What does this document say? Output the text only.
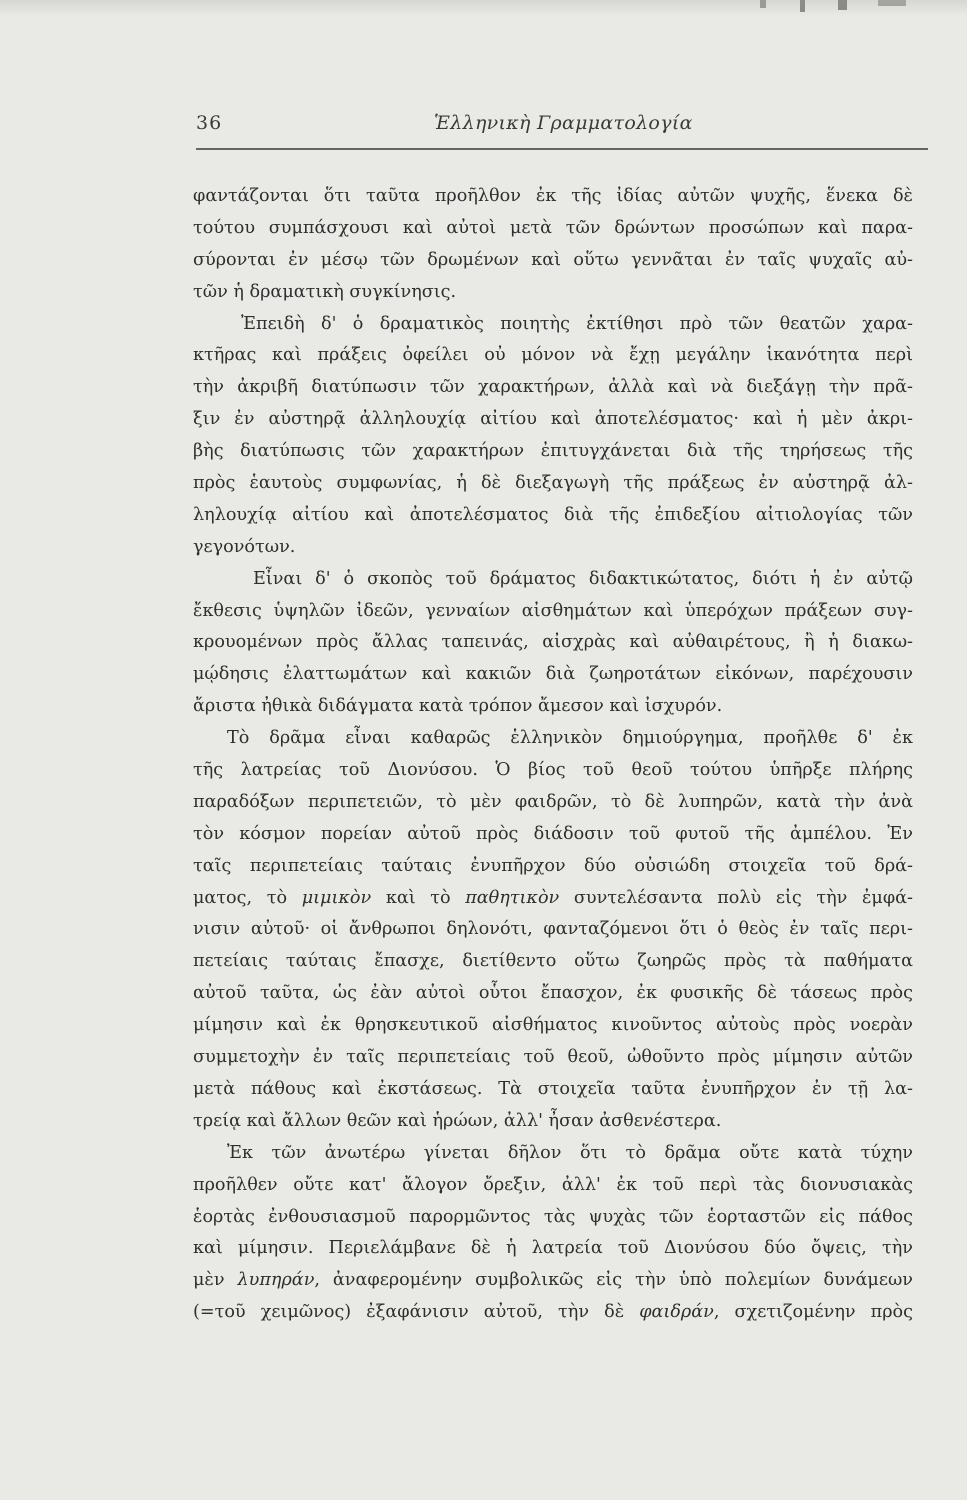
36	Ἑλληνικὴ Γραμματολογία
φαντάζονται ὅτι ταῦτα προῆλθον ἐκ τῆς ἰδίας αὐτῶν ψυχῆς, ἕνεκα δὲ
τούτου συμπάσχουσι καὶ αὐτοὶ μετὰ τῶν δρώντων προσώπων καὶ παρα-
σύρονται ἐν μέσῳ τῶν δρωμένων καὶ οὕτω γεννᾶται ἐν ταῖς ψυχαῖς αὐ-
τῶν ἡ δραματικὴ συγκίνησις.
Ἐπειδὴ δ' ὁ δραματικὸς ποιητὴς ἐκτίθησι πρὸ τῶν θεατῶν χαρα-
κτῆρας καὶ πράξεις ὀφείλει οὐ μόνον νὰ ἔχῃ μεγάλην ἱκανότητα περὶ
τὴν ἀκριβῆ διατύπωσιν τῶν χαρακτήρων, ἀλλὰ καὶ νὰ διεξάγῃ τὴν πρᾶ-
ξιν ἐν αὐστηρᾷ ἀλληλουχίᾳ αἰτίου καὶ ἀποτελέσματος· καὶ ἡ μὲν ἀκρι-
βὴς διατύπωσις τῶν χαρακτήρων ἐπιτυγχάνεται διὰ τῆς τηρήσεως τῆς
πρὸς ἑαυτοὺς συμφωνίας, ἡ δὲ διεξαγωγὴ τῆς πράξεως ἐν αὐστηρᾷ ἀλ-
ληλουχίᾳ αἰτίου καὶ ἀποτελέσματος διὰ τῆς ἐπιδεξίου αἰτιολογίας τῶν
γεγονότων.
Εἶναι δ' ὁ σκοπὸς τοῦ δράματος διδακτικώτατος, διότι ἡ ἐν αὐτῷ
ἔκθεσις ὑψηλῶν ἰδεῶν, γενναίων αἰσθημάτων καὶ ὑπερόχων πράξεων συγ-
κρουομένων πρὸς ἄλλας ταπεινάς, αἰσχρὰς καὶ αὐθαιρέτους, ἢ ἡ διακω-
μῴδησις ἐλαττωμάτων καὶ κακιῶν διὰ ζωηροτάτων εἰκόνων, παρέχουσιν
ἄριστα ἠθικὰ διδάγματα κατὰ τρόπον ἄμεσον καὶ ἰσχυρόν.
Τὸ δρᾶμα εἶναι καθαρῶς ἑλληνικὸν δημιούργημα, προῆλθε δ' ἐκ
τῆς λατρείας τοῦ Διονύσου. Ὁ βίος τοῦ θεοῦ τούτου ὑπῆρξε πλήρης
παραδόξων περιπετειῶν, τὸ μὲν φαιδρῶν, τὸ δὲ λυπηρῶν, κατὰ τὴν ἀνὰ
τὸν κόσμον πορείαν αὐτοῦ πρὸς διάδοσιν τοῦ φυτοῦ τῆς ἀμπέλου. Ἐν
ταῖς περιπετείαις ταύταις ἐνυπῆρχον δύο οὐσιώδη στοιχεῖα τοῦ δρά-
ματος, τὸ μιμικὸν καὶ τὸ παθητικὸν συντελέσαντα πολὺ εἰς τὴν ἐμφά-
νισιν αὐτοῦ· οἱ ἄνθρωποι δηλονότι, φανταζόμενοι ὅτι ὁ θεὸς ἐν ταῖς περι-
πετείαις ταύταις ἔπασχε, διετίθεντο οὕτω ζωηρῶς πρὸς τὰ παθήματα
αὐτοῦ ταῦτα, ὡς ἐὰν αὐτοὶ οὗτοι ἔπασχον, ἐκ φυσικῆς δὲ τάσεως πρὸς
μίμησιν καὶ ἐκ θρησκευτικοῦ αἰσθήματος κινοῦντος αὐτοὺς πρὸς νοερὰν
συμμετοχὴν ἐν ταῖς περιπετείαις τοῦ θεοῦ, ὠθοῦντο πρὸς μίμησιν αὐτῶν
μετὰ πάθους καὶ ἐκστάσεως. Τὰ στοιχεῖα ταῦτα ἐνυπῆρχον ἐν τῇ λα-
τρείᾳ καὶ ἄλλων θεῶν καὶ ἡρώων, ἀλλ' ἦσαν ἀσθενέστερα.
Ἐκ τῶν ἀνωτέρω γίνεται δῆλον ὅτι τὸ δρᾶμα οὔτε κατὰ τύχην
προῆλθεν οὔτε κατ' ἄλογον ὄρεξιν, ἀλλ' ἐκ τοῦ περὶ τὰς διονυσιακὰς
ἑορτὰς ἐνθουσιασμοῦ παρορμῶντος τὰς ψυχὰς τῶν ἑορταστῶν εἰς πάθος
καὶ μίμησιν. Περιελάμβανε δὲ ἡ λατρεία τοῦ Διονύσου δύο ὄψεις, τὴν
μὲν λυπηράν, ἀναφερομένην συμβολικῶς εἰς τὴν ὑπὸ πολεμίων δυνάμεων
(=τοῦ χειμῶνος) ἐξαφάνισιν αὐτοῦ, τὴν δὲ φαιδράν, σχετιζομένην πρὸς
